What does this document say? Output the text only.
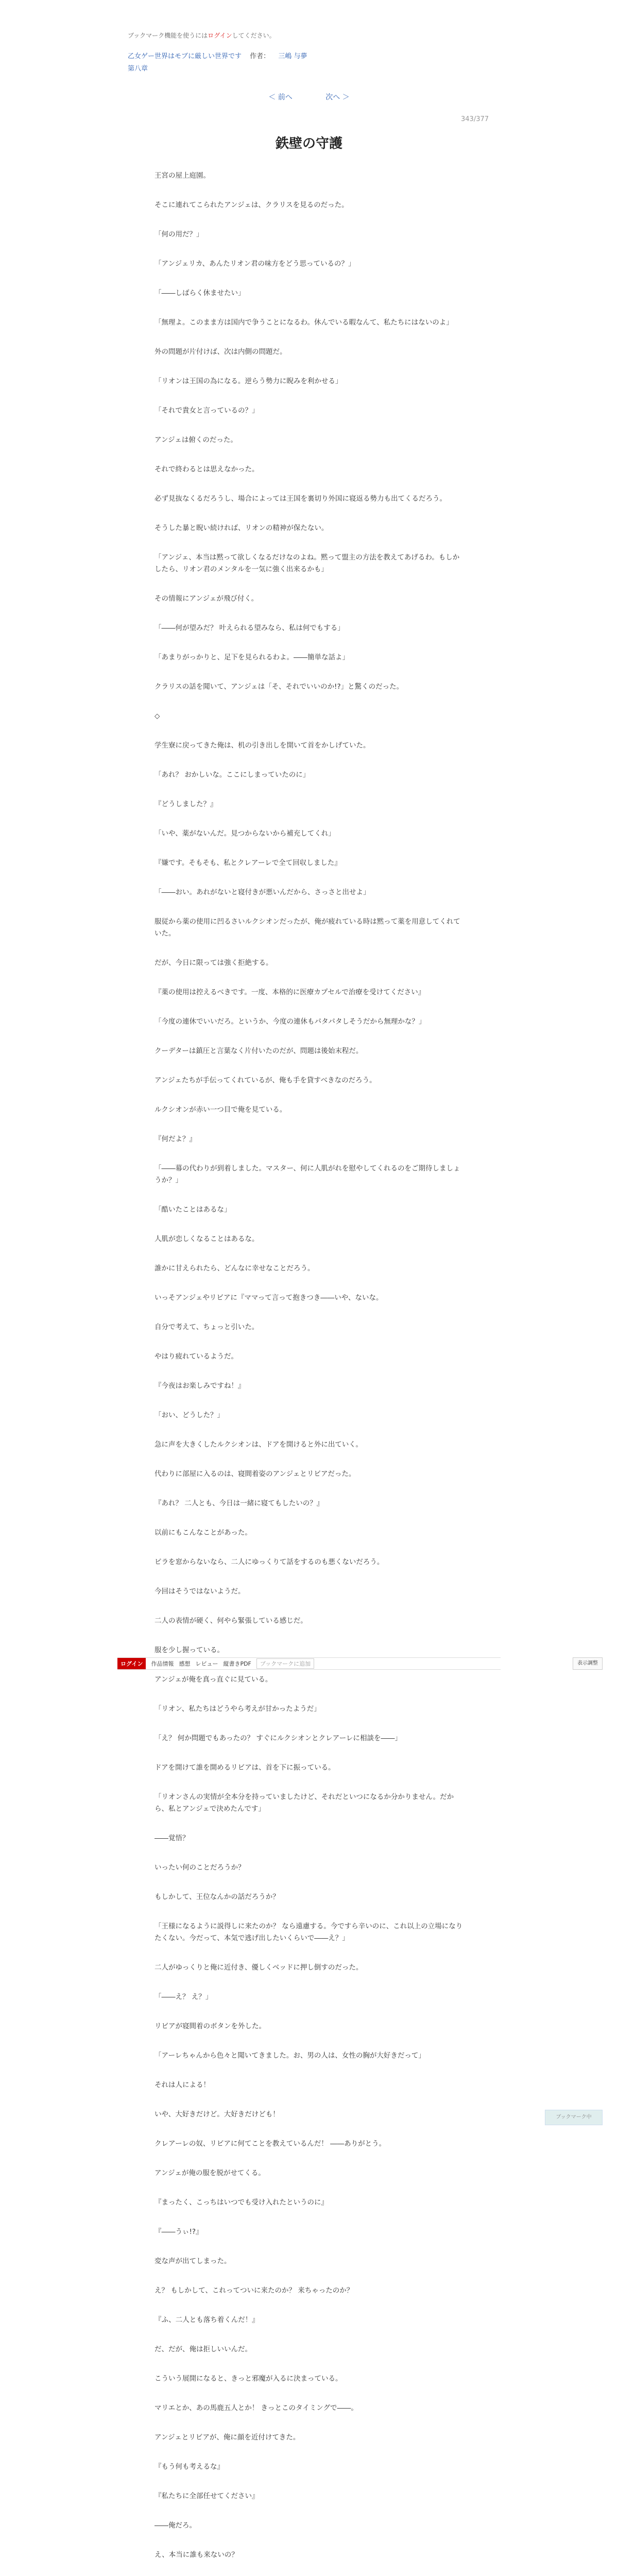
ブックマーク機能を使うにはログインしてください。
乙女ゲー世界はモブに厳しい世界です 作者： 三嶋 与夢
第八章
＜ 前へ	次へ ＞
343/377
鉄壁の守護

王宮の屋上庭園。

そこに連れてこられたアンジェは、クラリスを見るのだった。

「何の用だ？」

「アンジェリカ、あんたリオン君の味方をどう思っているの？」

「――しばらく休ませたい」

「無理よ。このまま方は国内で争うことになるわ。休んでいる暇なんて、私たちにはないのよ」

外の問題が片付けば、次は内側の問題だ。

「リオンは王国の為になる。逆らう勢力に睨みを利かせる」

「それで貴女と言っているの？」

アンジェは俯くのだった。

それで終わるとは思えなかった。

必ず見抜なくるだろうし、場合によっては王国を裏切り外国に寝返る勢力も出てくるだろう。

そうした暴と睨い続ければ、リオンの精神が保たない。

「アンジェ、本当は黙って欲しくなるだけなのよね。黙って盟主の方法を教えてあげるわ。もしかしたら、リオン君のメンタルを一気に強く出来るかも」

その情報にアンジェが飛び付く。

「――何が望みだ？ 叶えられる望みなら、私は何でもする」

「あまりがっかりと、足下を見られるわよ。――簡単な話よ」

クラリスの話を聞いて、アンジェは「そ、それでいいのか!?」と驚くのだった。

◇

学生寮に戻ってきた俺は、机の引き出しを開いて首をかしげていた。

「あれ？ おかしいな。ここにしまっていたのに」

『どうしました？』

「いや、薬がないんだ。見つからないから補充してくれ」

『嫌です。そもそも、私とクレアーレで全て回収しました』

「――おい。あれがないと寝付きが悪いんだから、さっさと出せよ」

服従から薬の使用に凹るさいルクシオンだったが、俺が疲れている時は黙って薬を用意してくれていた。

だが、今日に限っては強く拒絶する。

『薬の使用は控えるべきです。一度、本格的に医療カプセルで治療を受けてください』

「今度の連休でいいだろ。というか、今度の連休もパタパタしそうだから無理かな？」

クーデターは鎮圧と言葉なく片付いたのだが、問題は後始末程だ。

アンジェたちが手伝ってくれているが、俺も手を貸すべきなのだろう。

ルクシオンが赤い一つ目で俺を見ている。

『何だよ？』

「――幕の代わりが到着しました。マスター、何に人肌がれを慰やしてくれるのをご期待しましょうか？」

「酷いたことはあるな」

人肌が恋しくなることはあるな。

誰かに甘えられたら、どんなに幸せなことだろう。

いっそアンジェやリビアに『ママって言って抱きつき――いや、ないな。

自分で考えて、ちょっと引いた。

やはり疲れているようだ。

『今夜はお楽しみですね！』

「おい、どうした？」

急に声を大きくしたルクシオンは、ドアを開けると外に出ていく。

代わりに部屋に入るのは、寝間着姿のアンジェとリビアだった。

『あれ？ 二人とも、今日は一緒に寝てもしたいの？』

以前にもこんなことがあった。

ビラを窓からないなら、二人にゆっくりて話をするのも悪くないだろう。

今回はそうではないようだ。

二人の表情が硬く、何やら緊張している感じだ。

服を少し握っている。

アンジェが俺を真っ直ぐに見ている。

「リオン、私たちはどうやら考えが甘かったようだ」

「え？ 何か問題でもあったの？ すぐにルクシオンとクレアーレに相談を――」

ドアを開けて誰を開めるリビアは、首を下に振っている。

「リオンさんの実情が全本分を持っていましたけど、それだといつになるか分かりません。だから、私とアンジェで決めたんです」

――覚悟？

いったい何のことだろうか？

もしかして、王位なんかの話だろうか？

「王様になるように説得しに来たのか？ なら遠慮する。今ですら辛いのに、これ以上の立場になりたくない。今だって、本気で逃げ出したいくらいで――え？」

二人がゆっくりと俺に近付き、優しくベッドに押し倒すのだった。

「――え？ え？」

リビアが寝間着のボタンを外した。

「アーレちゃんから色々と聞いてきました。お、男の人は、女性の胸が大好きだって」

それは人による！

いや、大好きだけど。大好きだけども！

クレアーレの奴、リビアに何てことを教えているんだ！ ――ありがとう。

アンジェが俺の服を脱がせてくる。

『まったく、こっちはいつでも受け入れたというのに』

『――うぃ!?』

変な声が出てしまった。

え？ もしかして、これってついに来たのか？ 来ちゃったのか？

『ふ、二人とも落ち着くんだ！』

だ、だが、俺は拒しいいんだ。

こういう展開になると、きっと邪魔が入るに決まっている。

マリエとか、あの馬鹿五人とか！ きっとこのタイミングで――。

アンジェとリビアが、俺に顔を近付けてきた。

『もう何も考えるな』

『私たちに全部任せてください』

――俺だろ。

え、本当に誰も来ないの？

ログイン	作品情報 感想 レビュー 縦書きPDF	ブックマークに追加	表示調整
ブックマーク中
